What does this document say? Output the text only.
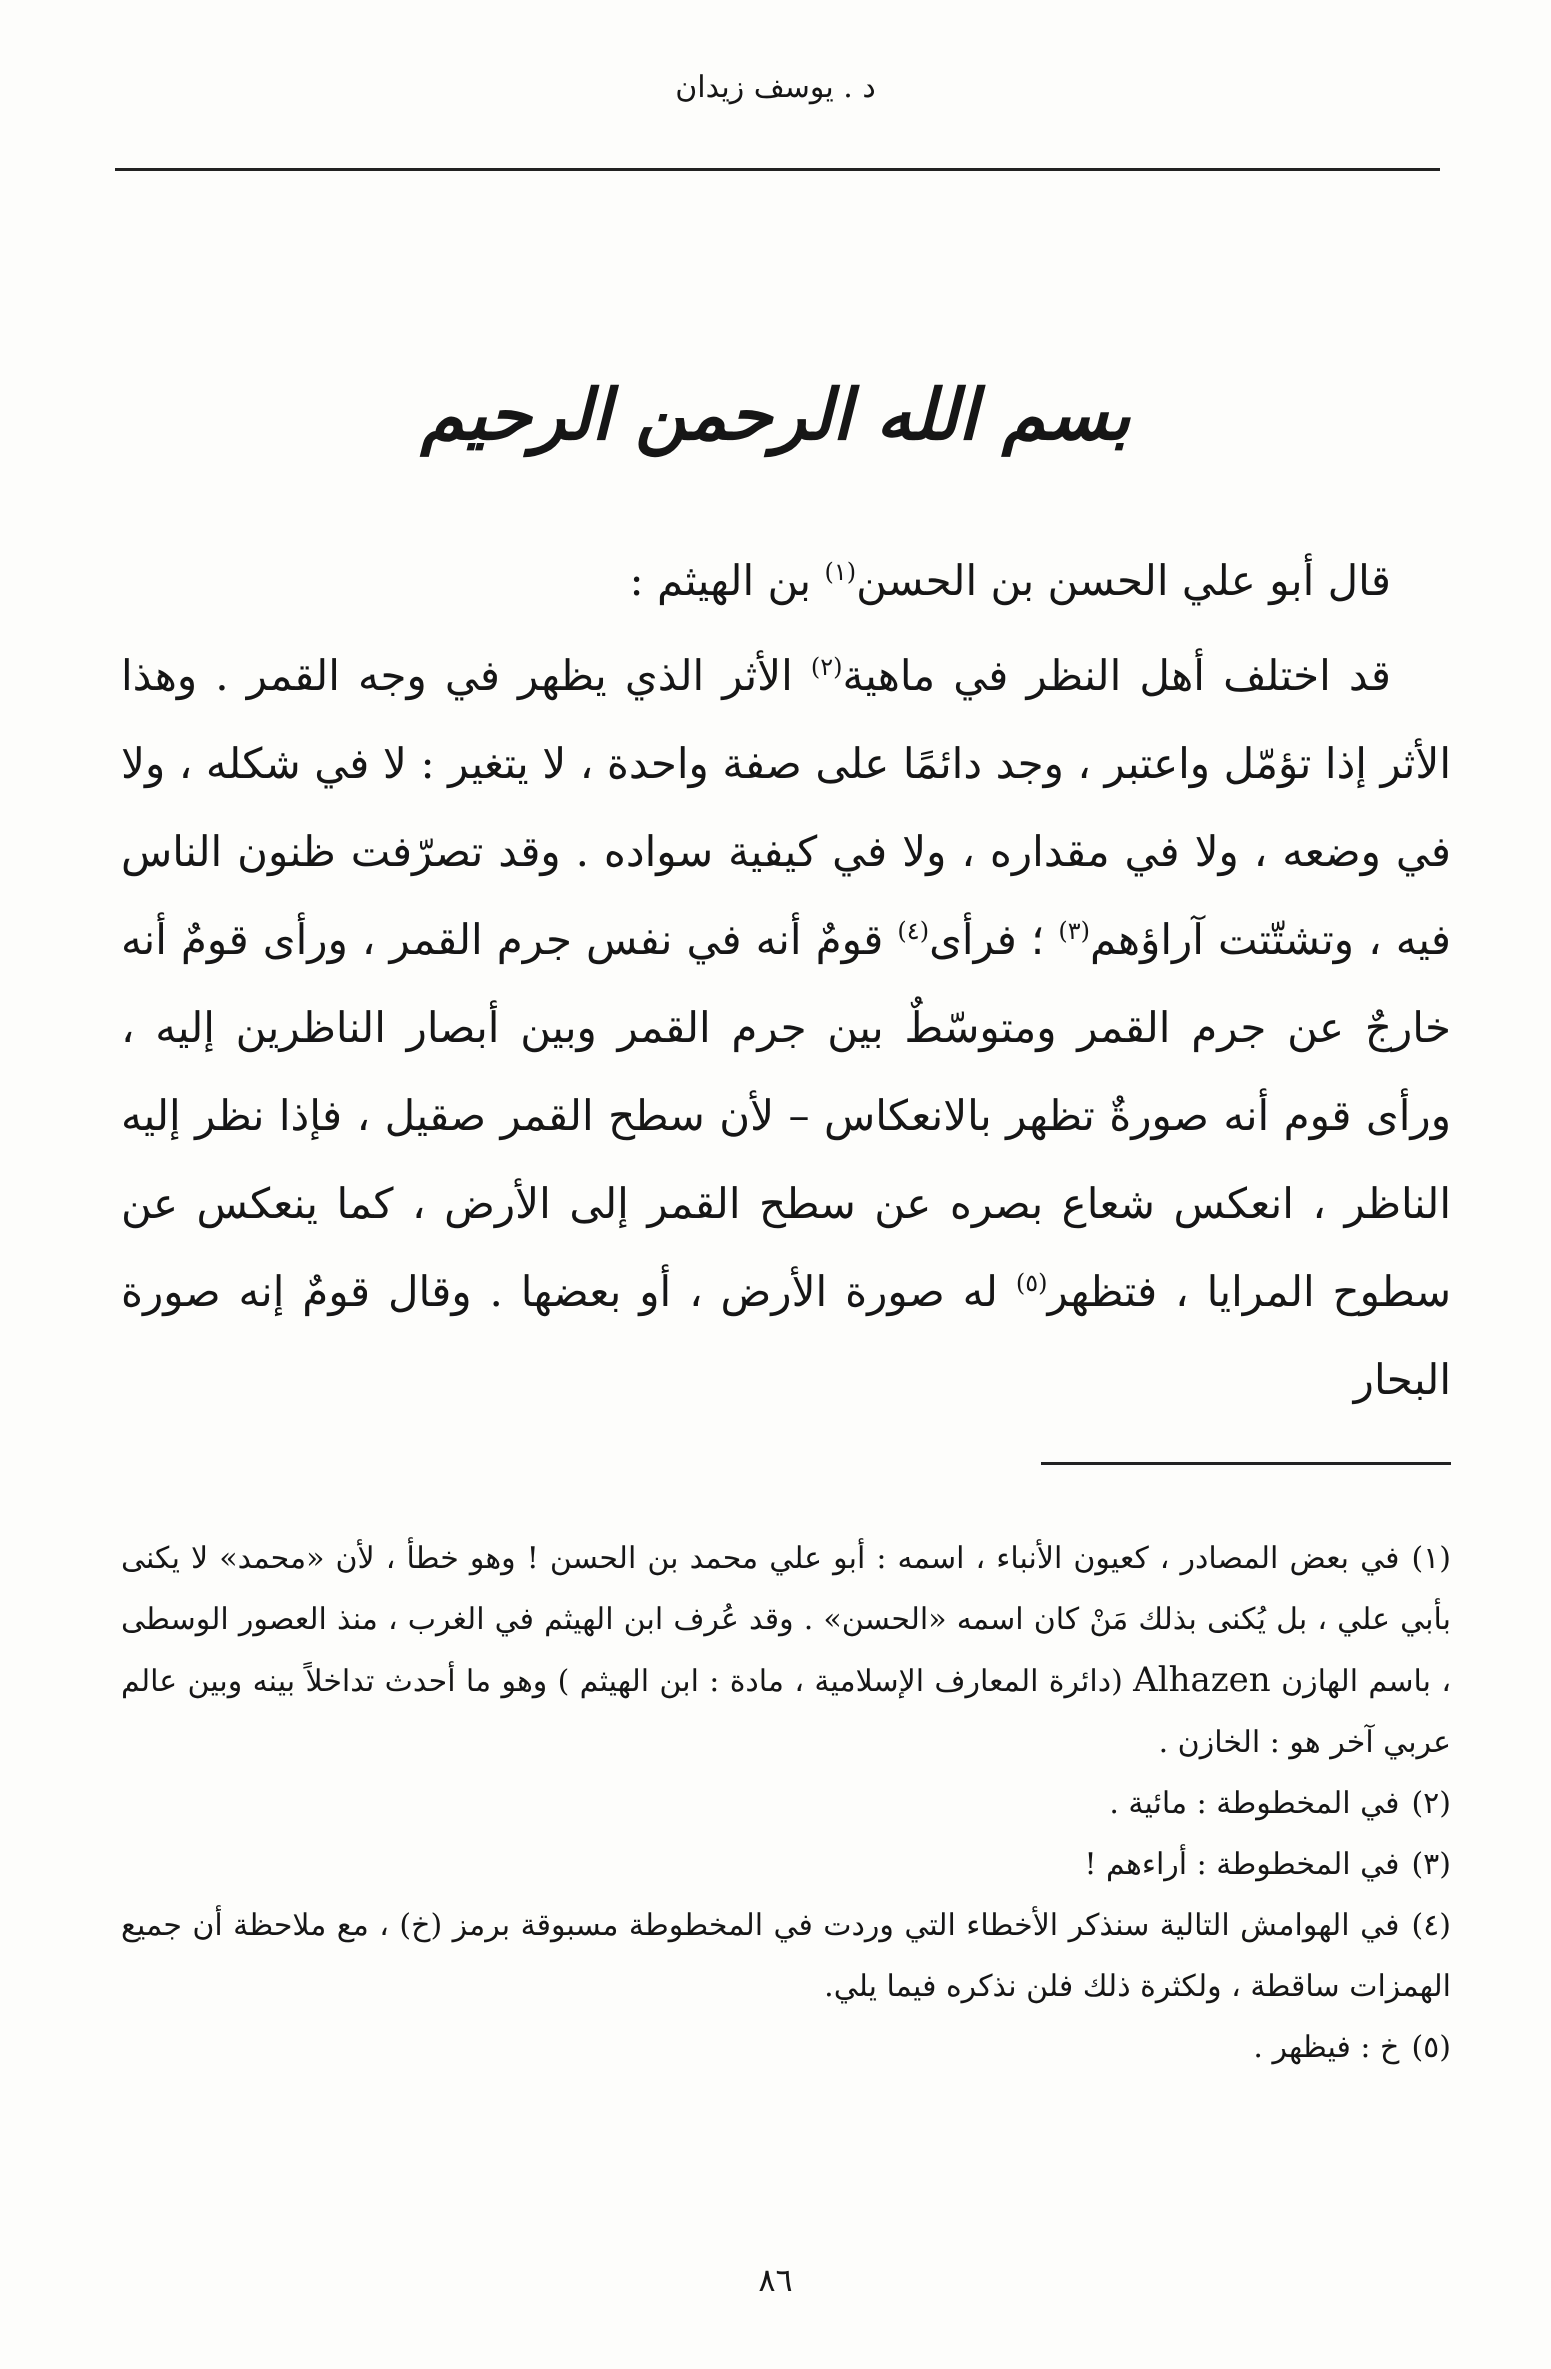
د . يوسف زيدان
بسم الله الرحمن الرحيم
قال أبو علي الحسن بن الحسن$^{(١)}$ بن الهيثم :
قد اختلف أهل النظر في ماهية$^{(٢)}$ الأثر الذي يظهر في وجه القمر . وهذا الأثر إذا تؤمّل واعتبر ، وجد دائمًا على صفة واحدة ، لا يتغير : لا في شكله ، ولا في وضعه ، ولا في مقداره ، ولا في كيفية سواده . وقد تصرّفت ظنون الناس فيه ، وتشتّتت آراؤهم$^{(٣)}$ ؛ فرأى$^{(٤)}$ قومٌ أنه في نفس جرم القمر ، ورأى قومٌ أنه خارجٌ عن جرم القمر ومتوسّطٌ بين جرم القمر وبين أبصار الناظرين إليه ، ورأى قوم أنه صورةٌ تظهر بالانعكاس – لأن سطح القمر صقيل ، فإذا نظر إليه الناظر ، انعكس شعاع بصره عن سطح القمر إلى الأرض ، كما ينعكس عن سطوح المرايا ، فتظهر$^{(٥)}$ له صورة الأرض ، أو بعضها . وقال قومٌ إنه صورة البحار
(١)في بعض المصادر ، كعيون الأنباء ، اسمه : أبو علي محمد بن الحسن ! وهو خطأ ، لأن «محمد» لا يكنى بأبي علي ، بل يُكنى بذلك مَنْ كان اسمه «الحسن» . وقد عُرف ابن الهيثم في الغرب ، منذ العصور الوسطى ، باسم الهازن Alhazen (دائرة المعارف الإسلامية ، مادة : ابن الهيثم ) وهو ما أحدث تداخلاً بينه وبين عالم عربي آخر هو : الخازن .
(٢)في المخطوطة : مائية .
(٣)في المخطوطة : أراءهم !
(٤)في الهوامش التالية سنذكر الأخطاء التي وردت في المخطوطة مسبوقة برمز (خ) ، مع ملاحظة أن جميع الهمزات ساقطة ، ولكثرة ذلك فلن نذكره فيما يلي.
(٥)خ : فيظهر .
٨٦
